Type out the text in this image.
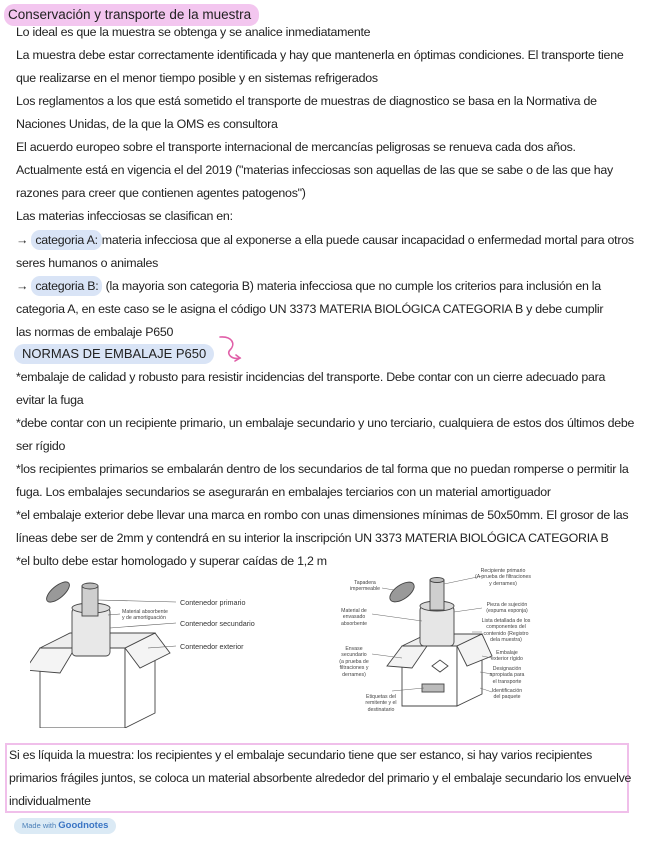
Conservación y transporte de la muestra
Lo ideal es que la muestra se obtenga y se analice inmediatamente
La muestra debe estar correctamente identificada y hay que mantenerla en óptimas condiciones. El transporte tiene
que realizarse en el menor tiempo posible y en sistemas refrigerados
Los reglamentos a los que está sometido el transporte de muestras de diagnostico se basa en la Normativa de
Naciones Unidas, de la que la OMS es consultora
El acuerdo europeo sobre el transporte internacional de mercancías peligrosas se renueva cada dos años.
Actualmente está en vigencia el del 2019 ("materias infecciosas son aquellas de las que se sabe o de las que hay
razones para creer que contienen agentes patogenos")
Las materias infecciosas se clasifican en:
→ categoria A: materia infecciosa que al exponerse a ella puede causar incapacidad o enfermedad mortal para otros
seres humanos o animales
→ categoria B: (la mayoria son categoria B) materia infecciosa que no cumple los criterios para inclusión en la
categoria A, en este caso se le asigna el código UN 3373 MATERIA BIOLÓGICA CATEGORIA B y debe cumplir
las normas de embalaje P650
NORMAS DE EMBALAJE P650
*embalaje de calidad y robusto para resistir incidencias del transporte. Debe contar con un cierre adecuado para
evitar la fuga
*debe contar con un recipiente primario, un embalaje secundario y uno terciario, cualquiera de estos dos últimos debe
ser rígido
*los recipientes primarios se embalarán dentro de los secundarios de tal forma que no puedan romperse o permitir la
fuga. Los embalajes secundarios se asegurarán en embalajes terciarios con un material amortiguador
*el embalaje exterior debe llevar una marca en rombo con unas dimensiones mínimas de 50x50mm. El grosor de las
líneas debe ser de 2mm y contendrá en su interior la inscripción UN 3373 MATERIA BIOLÓGICA CATEGORIA B
*el bulto debe estar homologado y superar caídas de 1,2 m
Contenedor primario
Material absorbente
y de amortiguación
Contenedor secundario
Contenedor exterior
Tapadera
impermeable
Material de
envasado
absorbente
Envase
secundario
(a prueba de
filtraciones y
derrames)
Etiquetas del
remitente y el
destinatario
Recipiente primario
(A prueba de filtraciones
y derrames)
Pieza de sujeción
(espuma esponja)
Lista detallada de los
componentes del
contenido (Registro
dela muestra)
Embalaje
exterior rígido
Designación
apropiada para
el transporte
Identificación
del paquete
Si es líquida la muestra: los recipientes y el embalaje secundario tiene que ser estanco, si hay varios recipientes
primarios frágiles juntos, se coloca un material absorbente alrededor del primario y el embalaje secundario los envuelve
individualmente
Made with Goodnotes
